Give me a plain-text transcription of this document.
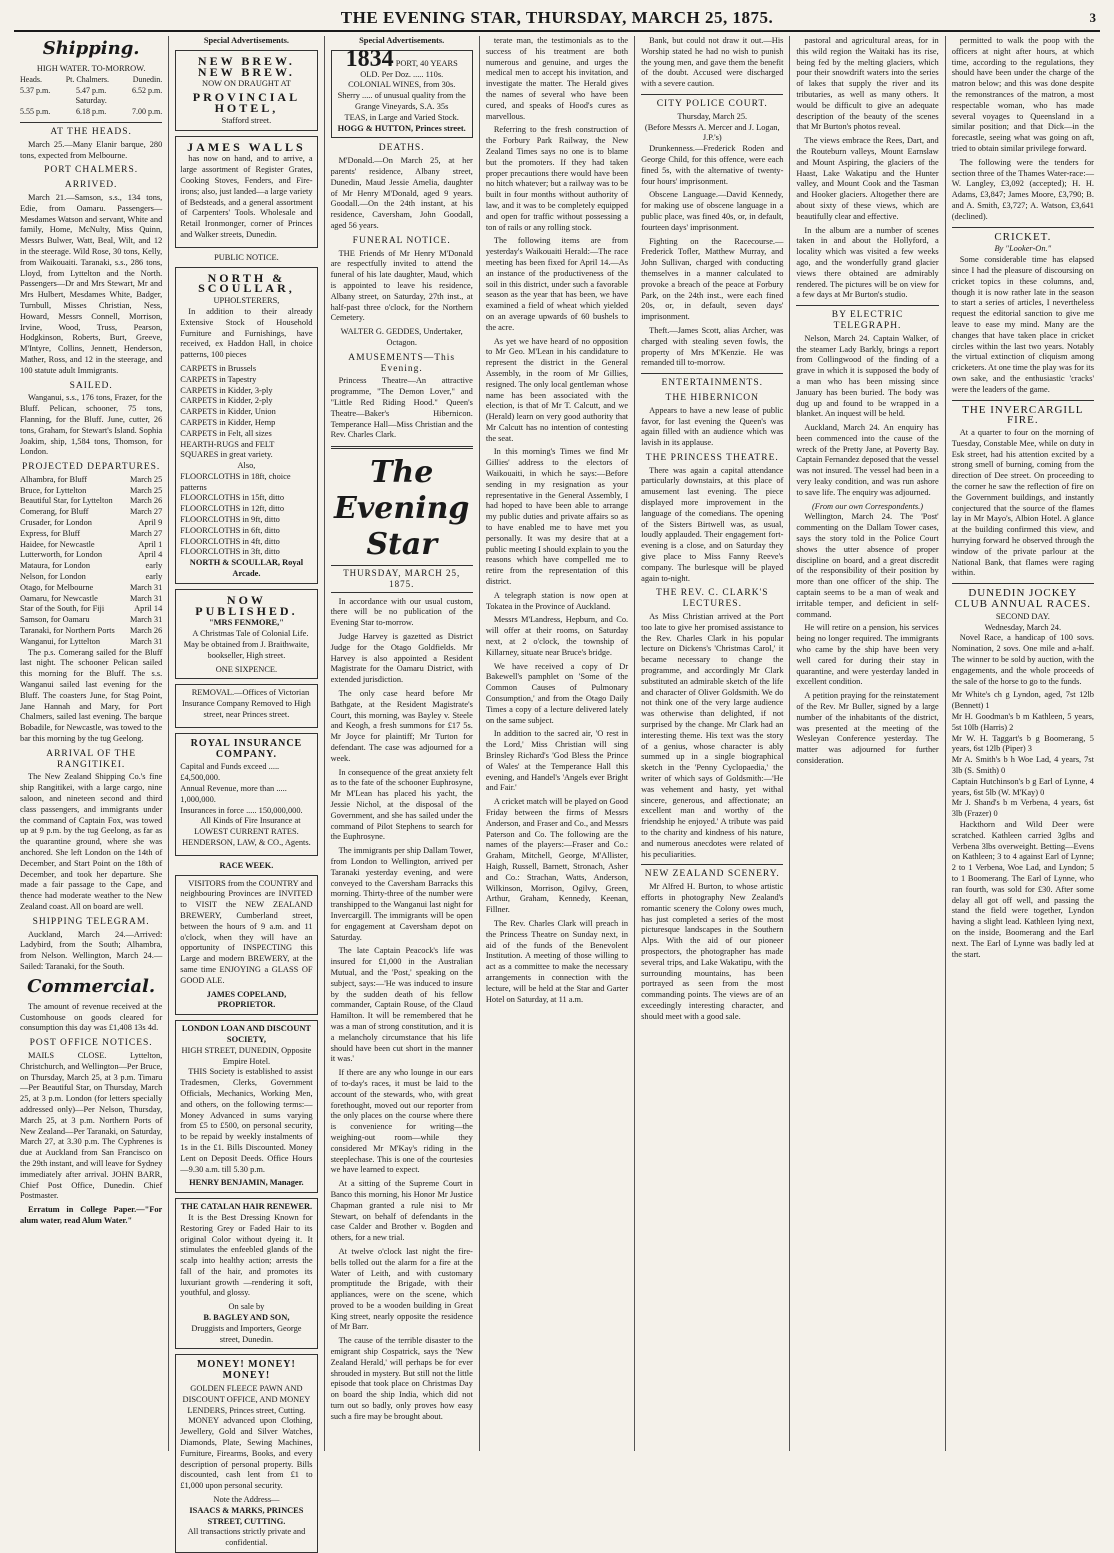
THE EVENING STAR, THURSDAY, MARCH 25, 1875.	3
Shipping.
HIGH WATER. TO-MORROW.
Heads.	Pt. Chalmers.	Dunedin.
5.37 p.m.	5.47 p.m.	6.52 p.m.
Saturday.
5.55 p.m.	6.18 p.m.	7.00 p.m.
AT THE HEADS.

March 25.—Many Elanir barque, 280 tons, expected from Melbourne.

PORT CHALMERS.
ARRIVED.

March 21.—Samson, s.s., 134 tons, Edie, from Oamaru. Passengers—Mesdames Watson and servant, White and family, Home, McNulty, Miss Quinn, Messrs Bulwer, Watt, Beal, Wilt, and 12 in the steerage. Wild Rose, 30 tons, Kelly, from Waikouaiti. Taranaki, s.s., 286 tons, Lloyd, from Lyttelton and the North. Passengers—Dr and Mrs Stewart, Mr and Mrs Hulbert, Mesdames White, Badger, Turnbull, Misses Christian, Ness, Howard, Messrs Connell, Morrison, Irvine, Wood, Truss, Pearson, Hodgkinson, Roberts, Burt, Greeve, M'Intyre, Collins, Jennett, Henderson, Mather, Ross, and 12 in the steerage, and 100 statute adult Immigrants.

SAILED.

Wanganui, s.s., 176 tons, Frazer, for the Bluff. Pelican, schooner, 75 tons, Flanning, for the Bluff. June, cutter, 26 tons, Graham, for Stewart's Island. Sophia Joakim, ship, 1,584 tons, Thomson, for London.

PROJECTED DEPARTURES.
Alhambra, for Bluff	March 25
Bruce, for Lyttelton	March 25
Beautiful Star, for Lyttelton March 26
Comerang, for Bluff	March 27
Crusader, for London	April 9
Express, for Bluff	March 27
Haidee, for Newcastle	April 1
Lutterworth, for London	April 4
Mataura, for London	early
Nelson, for London	early
Otago, for Melbourne	March 31
Oamaru, for Newcastle	March 31
Star of the South, for Fiji	April 14
Samson, for Oamaru	March 31
Taranaki, for Northern Ports March 26
Wanganui, for Lyttelton	March 31

The p.s. Comerang sailed for the Bluff last night. The schooner Pelican sailed this morning for the Bluff. The s.s. Wanganui sailed last evening for the Bluff. The coasters June, for Stag Point, Jane Hannah and Mary, for Port Chalmers, sailed last evening. The barque Bobadile, for Newcastle, was towed to the bar this morning by the tug Geelong.

ARRIVAL OF THE RANGITIKEI.

The New Zealand Shipping Co.'s fine ship Rangitikei, with a large cargo, nine saloon, and nineteen second and third class passengers, and immigrants under the command of Captain Fox, was towed up at 9 p.m. by the tug Geelong, as far as the quarantine ground, where she was anchored. She left London on the 14th of December, and Start Point on the 18th of December, and took her departure. She made a fair passage to the Cape, and thence had moderate weather to the New Zealand coast. All on board are well.

SHIPPING TELEGRAM.

Auckland, March 24.—Arrived: Ladybird, from the South; Alhambra, from Nelson. Wellington, March 24.—Sailed: Taranaki, for the South.

Commercial.

The amount of revenue received at the Customhouse on goods cleared for consumption this day was £1,408 13s 4d.

POST OFFICE NOTICES.

MAILS CLOSE. Lyttelton, Christchurch, and Wellington—Per Bruce, on Thursday, March 25, at 3 p.m. Timaru—Per Beautiful Star, on Thursday, March 25, at 3 p.m. London (for letters specially addressed only)—Per Nelson, Thursday, March 25, at 3 p.m. Northern Ports of New Zealand—Per Taranaki, on Saturday, March 27, at 3.30 p.m. The Cyphrenes is due at Auckland from San Francisco on the 29th instant, and will leave for Sydney immediately after arrival. JOHN BARR, Chief Post Office, Dunedin. Chief Postmaster.

Erratum in College Paper.—"For alum water, read Alum Water."

Special Advertisements.
NEW BREW. NEW BREW.
NOW ON DRAUGHT AT
PROVINCIAL HOTEL,
Stafford street.
JAMES WALLS

has now on hand, and to arrive, a large assortment of Register Grates, Cooking Stoves, Fenders, and Fire-irons; also, just landed—a large variety of Bedsteads, and a general assortment of Carpenters' Tools. Wholesale and Retail Ironmonger, corner of Princes and Walker streets, Dunedin.

PUBLIC NOTICE.
NORTH & SCOULLAR,
UPHOLSTERERS,

In addition to their already Extensive Stock of Household Furniture and Furnishings, have received, ex Haddon Hall, in choice patterns, 100 pieces

CARPETS in Brussels
CARPETS in Tapestry
CARPETS in Kidder, 3-ply
CARPETS in Kidder, 2-ply
CARPETS in Kidder, Union
CARPETS in Kidder, Hemp
CARPETS in Felt, all sizes
HEARTH-RUGS and FELT SQUARES in great variety.
Also,
FLOORCLOTHS in 18ft, choice patterns
FLOORCLOTHS in 15ft, ditto
FLOORCLOTHS in 12ft, ditto
FLOORCLOTHS in 9ft, ditto
FLOORCLOTHS in 6ft, ditto
FLOORCLOTHS in 4ft, ditto
FLOORCLOTHS in 3ft, ditto
NORTH & SCOULLAR, Royal Arcade.
NOW PUBLISHED.
"MRS FENMORE,"

A Christmas Tale of Colonial Life. May be obtained from J. Braithwaite, bookseller, High street.

ONE SIXPENCE.

REMOVAL.—Offices of Victorian Insurance Company Removed to High street, near Princes street.

ROYAL INSURANCE COMPANY.
Capital and Funds exceed ..... £4,500,000.
Annual Revenue, more than ..... 1,000,000.
Insurances in force ..... 150,000,000.

All Kinds of Fire Insurance at LOWEST CURRENT RATES. HENDERSON, LAW, & CO., Agents.

RACE WEEK.

VISITORS from the COUNTRY and neighbouring Provinces are INVITED to VISIT the NEW ZEALAND BREWERY, Cumberland street, between the hours of 9 a.m. and 11 o'clock, when they will have an opportunity of INSPECTING this Large and modern BREWERY, at the same time ENJOYING a GLASS OF GOOD ALE.

JAMES COPELAND, PROPRIETOR.
LONDON LOAN AND DISCOUNT SOCIETY,
HIGH STREET, DUNEDIN, Opposite Empire Hotel.

THIS Society is established to assist Tradesmen, Clerks, Government Officials, Mechanics, Working Men, and others, on the following terms:— Money Advanced in sums varying from £5 to £500, on personal security, to be repaid by weekly instalments of 1s in the £1. Bills Discounted. Money Lent on Deposit Deeds. Office Hours—9.30 a.m. till 5.30 p.m.

HENRY BENJAMIN, Manager.
THE CATALAN HAIR RENEWER.

It is the Best Dressing Known for Restoring Grey or Faded Hair to its original Color without dyeing it. It stimulates the enfeebled glands of the scalp into healthy action; arrests the fall of the hair, and promotes its luxuriant growth —rendering it soft, youthful, and glossy.

On sale by
B. BAGLEY AND SON,
Druggists and Importers, George street, Dunedin.
MONEY! MONEY! MONEY!
GOLDEN FLEECE PAWN AND DISCOUNT OFFICE, AND MONEY LENDERS, Princes street, Cutting.

MONEY advanced upon Clothing, Jewellery, Gold and Silver Watches, Diamonds, Plate, Sewing Machines, Furniture, Firearms, Books, and every description of personal property. Bills discounted, cash lent from £1 to £1,000 upon personal security.

Note the Address—
ISAACS & MARKS, PRINCES STREET, CUTTING.
All transactions strictly private and confidential.
Special Advertisements.
1834 PORT, 40 YEARS OLD. Per Doz. ..... 110s.
COLONIAL WINES, from 30s.
Sherry ..... of unusual quality from the Grange Vineyards, S.A. 35s
TEAS, in Large and Varied Stock.
HOGG & HUTTON, Princes street.
DEATHS.

M'Donald.—On March 25, at her parents' residence, Albany street, Dunedin, Maud Jessie Amelia, daughter of Mr Henry M'Donald, aged 9 years. Goodall.—On the 24th instant, at his residence, Caversham, John Goodall, aged 56 years.

FUNERAL NOTICE.

THE Friends of Mr Henry M'Donald are respectfully invited to attend the funeral of his late daughter, Maud, which is appointed to leave his residence, Albany street, on Saturday, 27th inst., at half-past three o'clock, for the Northern Cemetery.

WALTER G. GEDDES, Undertaker, Octagon.
AMUSEMENTS—This Evening.

Princess Theatre—An attractive programme, "The Demon Lover," and "Little Red Riding Hood." Queen's Theatre—Baker's Hibernicon. Temperance Hall—Miss Christian and the Rev. Charles Clark.

The Evening Star
THURSDAY, MARCH 25, 1875.

In accordance with our usual custom, there will be no publication of the Evening Star to-morrow.

Judge Harvey is gazetted as District Judge for the Otago Goldfields. Mr Harvey is also appointed a Resident Magistrate for the Oamaru District, with extended jurisdiction.

The only case heard before Mr Bathgate, at the Resident Magistrate's Court, this morning, was Bayley v. Steele and Keogh, a fresh summons for £17 5s. Mr Joyce for plaintiff; Mr Turton for defendant. The case was adjourned for a week.

In consequence of the great anxiety felt as to the fate of the schooner Euphrosyne, Mr M'Lean has placed his yacht, the Jessie Nichol, at the disposal of the Government, and she has sailed under the command of Pilot Stephens to search for the Euphrosyne.

The immigrants per ship Dallam Tower, from London to Wellington, arrived per Taranaki yesterday evening, and were conveyed to the Caversham Barracks this morning. Thirty-three of the number were transhipped to the Wanganui last night for Invercargill. The immigrants will be open for engagement at Caversham depot on Saturday.

The late Captain Peacock's life was insured for £1,000 in the Australian Mutual, and the 'Post,' speaking on the subject, says:—'He was induced to insure by the sudden death of his fellow commander, Captain Rouse, of the Claud Hamilton. It will be remembered that he was a man of strong constitution, and it is a melancholy circumstance that his life should have been cut short in the manner it was.'

If there are any who lounge in our ears of to-day's races, it must be laid to the account of the stewards, who, with great forethought, moved out our reporter from the only places on the course where there is convenience for writing—the weighing-out room—while they considered Mr M'Kay's riding in the steeplechase. This is one of the courtesies we have learned to expect.

At a sitting of the Supreme Court in Banco this morning, his Honor Mr Justice Chapman granted a rule nisi to Mr Stewart, on behalf of defendants in the case Calder and Brother v. Bogden and others, for a new trial.

At twelve o'clock last night the fire-bells tolled out the alarm for a fire at the Water of Leith, and with customary promptitude the Brigade, with their appliances, were on the scene, which proved to be a wooden building in Great King street, nearly opposite the residence of Mr Barr.

The cause of the terrible disaster to the emigrant ship Cospatrick, says the 'New Zealand Herald,' will perhaps be for ever shrouded in mystery. But still not the little episode that took place on Christmas Day on board the ship India, which did not turn out so badly, only proves how easy such a fire may be brought about.

terate man, the testimonials as to the success of his treatment are both numerous and genuine, and urges the medical men to accept his invitation, and investigate the matter. The Herald gives the names of several who have been cured, and speaks of Hood's cures as marvellous.

Referring to the fresh construction of the Forbury Park Railway, the New Zealand Times says no one is to blame but the promoters. If they had taken proper precautions there would have been no hitch whatever; but a railway was to be built in four months without authority of law, and it was to be completely equipped and open for traffic without possessing a ton of rails or any rolling stock.

The following items are from yesterday's Waikouaiti Herald:—The race meeting has been fixed for April 14.—As an instance of the productiveness of the soil in this district, under such a favorable season as the year that has been, we have examined a field of wheat which yielded on an average upwards of 60 bushels to the acre.

As yet we have heard of no opposition to Mr Geo. M'Lean in his candidature to represent the district in the General Assembly, in the room of Mr Gillies, resigned. The only local gentleman whose name has been associated with the election, is that of Mr T. Calcutt, and we (Herald) learn on very good authority that Mr Calcutt has no intention of contesting the seat.

In this morning's Times we find Mr Gillies' address to the electors of Waikouaiti, in which he says:—Before sending in my resignation as your representative in the General Assembly, I had hoped to have been able to arrange my public duties and private affairs so as to have enabled me to have met you personally. It was my desire that at a public meeting I should explain to you the reasons which have compelled me to retire from the representation of this district.

A telegraph station is now open at Tokatea in the Province of Auckland.

Messrs M'Landress, Hepburn, and Co. will offer at their rooms, on Saturday next, at 2 o'clock, the township of Killarney, situate near Bruce's bridge.

We have received a copy of Dr Bakewell's pamphlet on 'Some of the Common Causes of Pulmonary Consumption,' and from the Otago Daily Times a copy of a lecture delivered lately on the same subject.

In addition to the sacred air, 'O rest in the Lord,' Miss Christian will sing Brinsley Richard's 'God Bless the Prince of Wales' at the Temperance Hall this evening, and Handel's 'Angels ever Bright and Fair.'

A cricket match will be played on Good Friday between the firms of Messrs Anderson, and Fraser and Co., and Messrs Paterson and Co. The following are the names of the players:—Fraser and Co.: Graham, Mitchell, George, M'Allister, Haigh, Russell, Barnett, Stronach, Asher and Co.: Strachan, Watts, Anderson, Wilkinson, Morrison, Ogilvy, Green, Arthur, Graham, Kennedy, Keenan, Fillner.

The Rev. Charles Clark will preach in the Princess Theatre on Sunday next, in aid of the funds of the Benevolent Institution. A meeting of those willing to act as a committee to make the necessary arrangements in connection with the lecture, will be held at the Star and Garter Hotel on Saturday, at 11 a.m.

Bank, but could not draw it out.—His Worship stated he had no wish to punish the young men, and gave them the benefit of the doubt. Accused were discharged with a severe caution.

CITY POLICE COURT.
Thursday, March 25.
(Before Messrs A. Mercer and J. Logan, J.P.'s)

Drunkenness.—Frederick Roden and George Child, for this offence, were each fined 5s, with the alternative of twenty-four hours' imprisonment.

Obscene Language.—David Kennedy, for making use of obscene language in a public place, was fined 40s, or, in default, fourteen days' imprisonment.

Fighting on the Racecourse.—Frederick Tofler, Matthew Murray, and John Sullivan, charged with conducting themselves in a manner calculated to provoke a breach of the peace at Forbury Park, on the 24th inst., were each fined 20s, or, in default, seven days' imprisonment.

Theft.—James Scott, alias Archer, was charged with stealing seven fowls, the property of Mrs M'Kenzie. He was remanded till to-morrow.

ENTERTAINMENTS.
THE HIBERNICON

Appears to have a new lease of public favor, for last evening the Queen's was again filled with an audience which was lavish in its applause.

THE PRINCESS THEATRE.

There was again a capital attendance particularly downstairs, at this place of amusement last evening. The piece displayed more improvement in the language of the comedians. The opening of the Sisters Birtwell was, as usual, loudly applauded. Their engagement fort-evening is a close, and on Saturday they give place to Miss Fanny Reeve's company. The burlesque will be played again to-night.

THE REV. C. CLARK'S LECTURES.

As Miss Christian arrived at the Port too late to give her promised assistance to the Rev. Charles Clark in his popular lecture on Dickens's 'Christmas Carol,' it became necessary to change the programme, and accordingly Mr Clark substituted an admirable sketch of the life and character of Oliver Goldsmith. We do not think one of the very large audience was otherwise than delighted, if not surprised by the change. Mr Clark had an interesting theme. His text was the story of a genius, whose character is ably summed up in a single biographical sketch in the 'Penny Cyclopaedia,' the writer of which says of Goldsmith:—'He was vehement and hasty, yet withal sincere, generous, and affectionate; an excellent man and worthy of the friendship he enjoyed.' A tribute was paid to the charity and kindness of his nature, and numerous anecdotes were related of his peculiarities.

NEW ZEALAND SCENERY.

Mr Alfred H. Burton, to whose artistic efforts in photography New Zealand's romantic scenery the Colony owes much, has just completed a series of the most picturesque landscapes in the Southern Alps. With the aid of our pioneer prospectors, the photographer has made several trips, and Lake Wakatipu, with the surrounding mountains, has been portrayed as seen from the most commanding points. The views are of an exceedingly interesting character, and should meet with a good sale.

pastoral and agricultural areas, for in this wild region the Waitaki has its rise, being fed by the melting glaciers, which pour their snowdrift waters into the series of lakes that supply the river and its tributaries, as well as many others. It would be difficult to give an adequate description of the beauty of the scenes that Mr Burton's photos reveal.

The views embrace the Rees, Dart, and the Routeburn valleys, Mount Earnslaw and Mount Aspiring, the glaciers of the Haast, Lake Wakatipu and the Hunter valley, and Mount Cook and the Tasman and Hooker glaciers. Altogether there are about sixty of these views, which are beautifully clear and effective.

In the album are a number of scenes taken in and about the Hollyford, a locality which was visited a few weeks ago, and the wonderfully grand glacier views there obtained are admirably rendered. The pictures will be on view for a few days at Mr Burton's studio.

BY ELECTRIC TELEGRAPH.

Nelson, March 24. Captain Walker, of the steamer Lady Barkly, brings a report from Collingwood of the finding of a grave in which it is supposed the body of a man who has been missing since January has been buried. The body was dug up and found to be wrapped in a blanket. An inquest will be held.

Auckland, March 24. An enquiry has been commenced into the cause of the wreck of the Pretty Jane, at Poverty Bay. Captain Fernandez deposed that the vessel was not insured. The vessel had been in a very leaky condition, and was run ashore to save life. The enquiry was adjourned.

(From our own Correspondents.)

Wellington, March 24. The 'Post' commenting on the Dallam Tower cases, says the story told in the Police Court shows the utter absence of proper discipline on board, and a great discredit of the responsibility of their position by more than one officer of the ship. The captain seems to be a man of weak and irritable temper, and deficient in self-command.

He will retire on a pension, his services being no longer required. The immigrants who came by the ship have been very well cared for during their stay in quarantine, and were yesterday landed in excellent condition.

A petition praying for the reinstatement of the Rev. Mr Buller, signed by a large number of the inhabitants of the district, was presented at the meeting of the Wesleyan Conference yesterday. The matter was adjourned for further consideration.

permitted to walk the poop with the officers at night after hours, at which time, according to the regulations, they should have been under the charge of the matron below; and this was done despite the remonstrances of the matron, a most respectable woman, who has made several voyages to Queensland in a similar position; and that Dick—in the forecastle, seeing what was going on aft, tried to obtain similar privilege forward.

The following were the tenders for section three of the Thames Water-race:—W. Langley, £3,092 (accepted); H. H. Adams, £3,847; James Moore, £3,790; B. and A. Smith, £3,727; A. Watson, £3,641 (declined).

CRICKET.
By "Looker-On."

Some considerable time has elapsed since I had the pleasure of discoursing on cricket topics in these columns, and, though it is now rather late in the season to start a series of articles, I nevertheless request the editorial sanction to give me leave to ease my mind. Many are the changes that have taken place in cricket circles within the last two years. Notably the virtual extinction of cliquism among cricketers. At one time the play was for its own sake, and the enthusiastic 'cracks' were the leaders of the game.

THE INVERCARGILL FIRE.

At a quarter to four on the morning of Tuesday, Constable Mee, while on duty in Esk street, had his attention excited by a strong smell of burning, coming from the direction of Dee street. On proceeding to the corner he saw the reflection of fire on the Government buildings, and instantly conjectured that the source of the flames lay in Mr Mayo's, Albion Hotel. A glance at the building confirmed this view, and hurrying forward he observed through the window of the private parlour at the National Bank, that flames were raging within.

DUNEDIN JOCKEY CLUB ANNUAL RACES.
SECOND DAY.
Wednesday, March 24.

Novel Race, a handicap of 100 sovs. Nomination, 2 sovs. One mile and a-half. The winner to be sold by auction, with the engagements, and the whole proceeds of the sale of the horse to go to the funds.

Mr White's ch g Lyndon, aged, 7st 12lb (Bennett) 1
Mr H. Goodman's b m Kathleen, 5 years, 5st 10lb (Harris) 2
Mr W. H. Taggart's b g Boomerang, 5 years, 6st 12lb (Piper) 3
Mr A. Smith's b h Woe Lad, 4 years, 7st 3lb (S. Smith) 0
Captain Hutchinson's b g Earl of Lynne, 4 years, 6st 5lb (W. M'Kay) 0
Mr J. Shand's b m Verbena, 4 years, 6st 3lb (Frazer) 0

Hackthorn and Wild Deer were scratched. Kathleen carried 3glbs and Verbena 3lbs overweight. Betting—Evens on Kathleen; 3 to 4 against Earl of Lynne; 2 to 1 Verbena, Woe Lad, and Lyndon; 5 to 1 Boomerang. The Earl of Lynne, who ran fourth, was sold for £30. After some delay all got off well, and passing the stand the field were together, Lyndon having a slight lead. Kathleen lying next, on the inside, Boomerang and the Earl next. The Earl of Lynne was badly led at the start.
